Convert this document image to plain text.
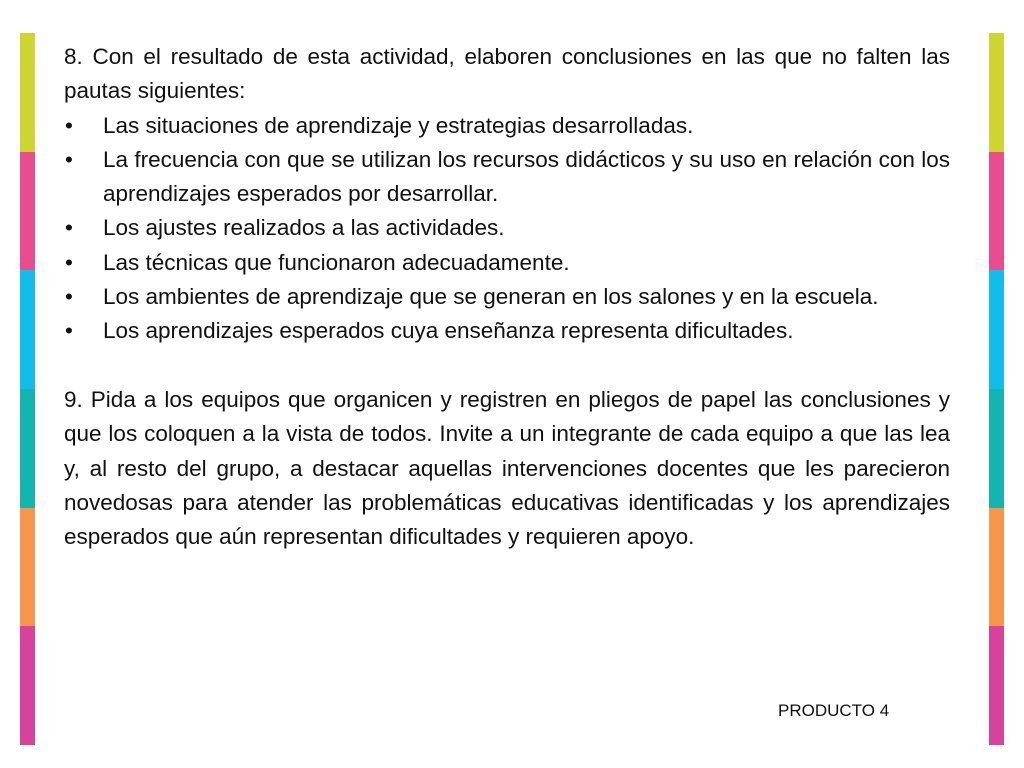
8. Con el resultado de esta actividad, elaboren conclusiones en las que no falten las pautas siguientes:

• Las situaciones de aprendizaje y estrategias desarrolladas.
• La frecuencia con que se utilizan los recursos didácticos y su uso en relación con los aprendizajes esperados por desarrollar.
• Los ajustes realizados a las actividades.
• Las técnicas que funcionaron adecuadamente.
• Los ambientes de aprendizaje que se generan en los salones y en la escuela.
• Los aprendizajes esperados cuya enseñanza representa dificultades.

9. Pida a los equipos que organicen y registren en pliegos de papel las conclusiones y que los coloquen a la vista de todos. Invite a un integrante de cada equipo a que las lea y, al resto del grupo, a destacar aquellas intervenciones docentes que les parecieron novedosas para atender las problemáticas educativas identificadas y los aprendizajes esperados que aún representan dificultades y requieren apoyo.

PRODUCTO 4
